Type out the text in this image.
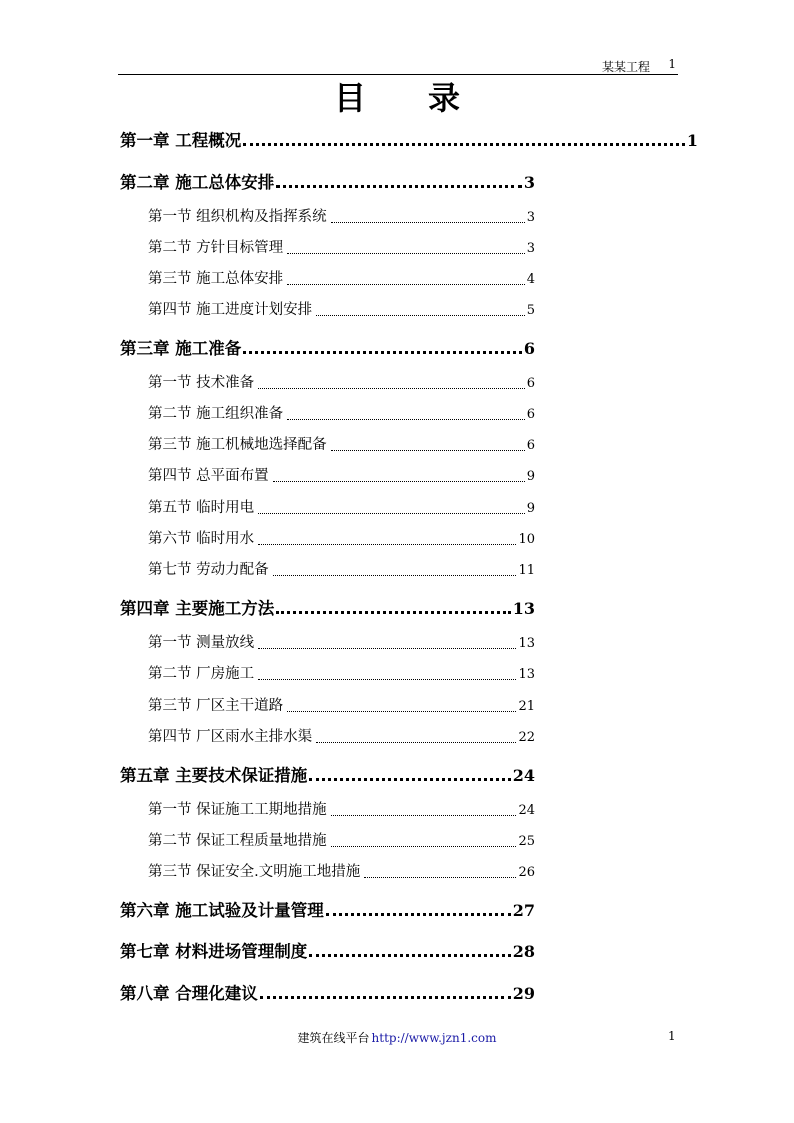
某某工程 1
目录
第一章 工程概况	1
第二章 施工总体安排	3
第一节 组织机构及指挥系统	3
第二节 方针目标管理	3
第三节 施工总体安排	4
第四节 施工进度计划安排	5
第三章 施工准备	6
第一节 技术准备	6
第二节 施工组织准备	6
第三节 施工机械地选择配备	6
第四节 总平面布置	9
第五节 临时用电	9
第六节 临时用水	10
第七节 劳动力配备	11
第四章 主要施工方法	13
第一节 测量放线	13
第二节 厂房施工	13
第三节 厂区主干道路	21
第四节 厂区雨水主排水渠	22
第五章 主要技术保证措施	24
第一节 保证施工工期地措施	24
第二节 保证工程质量地措施	25
第三节 保证安全.文明施工地措施	26
第六章 施工试验及计量管理	27
第七章 材料进场管理制度	28
第八章 合理化建议	29
建筑在线平台 http://www.jzn1.com	1
